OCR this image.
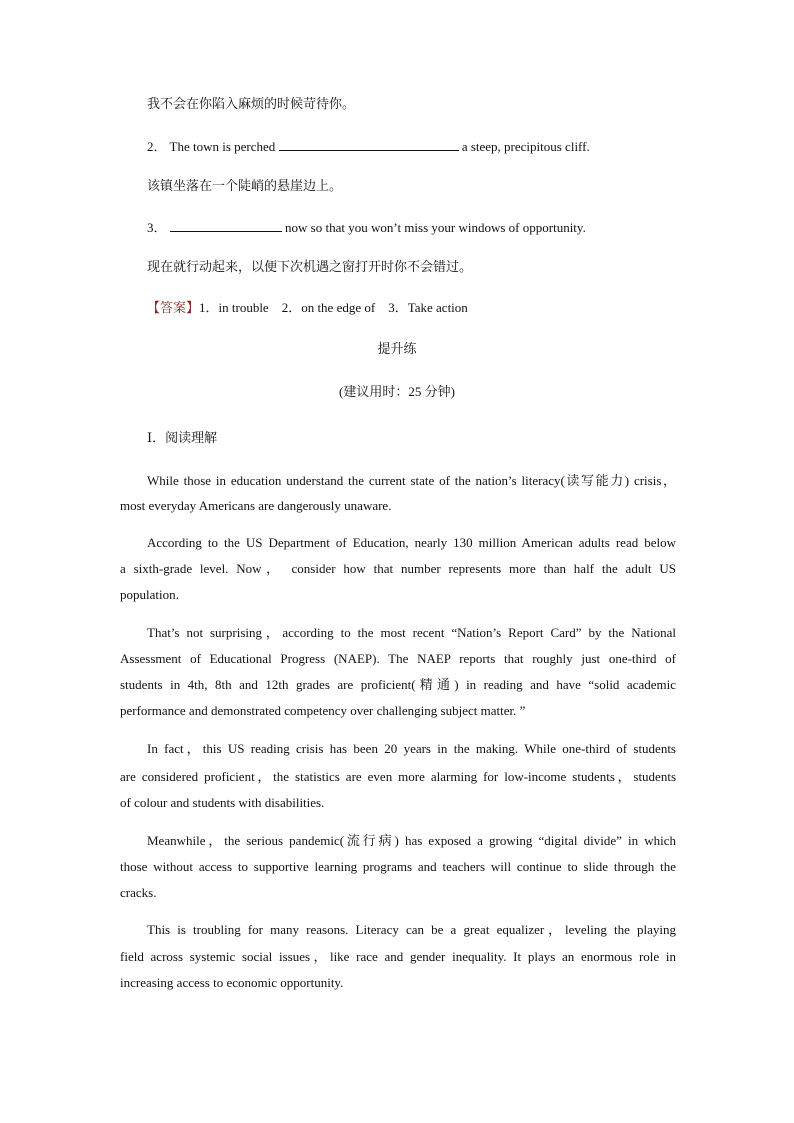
我不会在你陷入麻烦的时候苛待你。
2． The town is perched	a steep, precipitous cliff.
该镇坐落在一个陡峭的悬崖边上。
3．	now so that you won’t miss your windows of opportunity.
现在就行动起来，以便下次机遇之窗打开时你不会错过。
【答案】1．in trouble　2．on the edge of　3．Take action
提升练
(建议用时：25 分钟)
Ⅰ．阅读理解
While those in education understand the current state of the nation’s literacy(读写能力) crisis，
most everyday Americans are dangerously unaware.
According to the US Department of Education, nearly 130 million American adults read below
a sixth-grade level. Now， consider how that number represents more than half the adult US
population.
That’s not surprising，according to the most recent “Nation’s Report Card” by the National
Assessment of Educational Progress (NAEP). The NAEP reports that roughly just one-third of
students in 4th, 8th and 12th grades are proficient(精通) in reading and have “solid academic
performance and demonstrated competency over challenging subject matter. ”
In fact，this US reading crisis has been 20 years in the making. While one-third of students
are considered proficient，the statistics are even more alarming for low-income students，students
of colour and students with disabilities.
Meanwhile，the serious pandemic(流行病) has exposed a growing “digital divide” in which
those without access to supportive learning programs and teachers will continue to slide through the
cracks.
This is troubling for many reasons. Literacy can be a great equalizer，leveling the playing
field across systemic social issues，like race and gender inequality. It plays an enormous role in
increasing access to economic opportunity.
